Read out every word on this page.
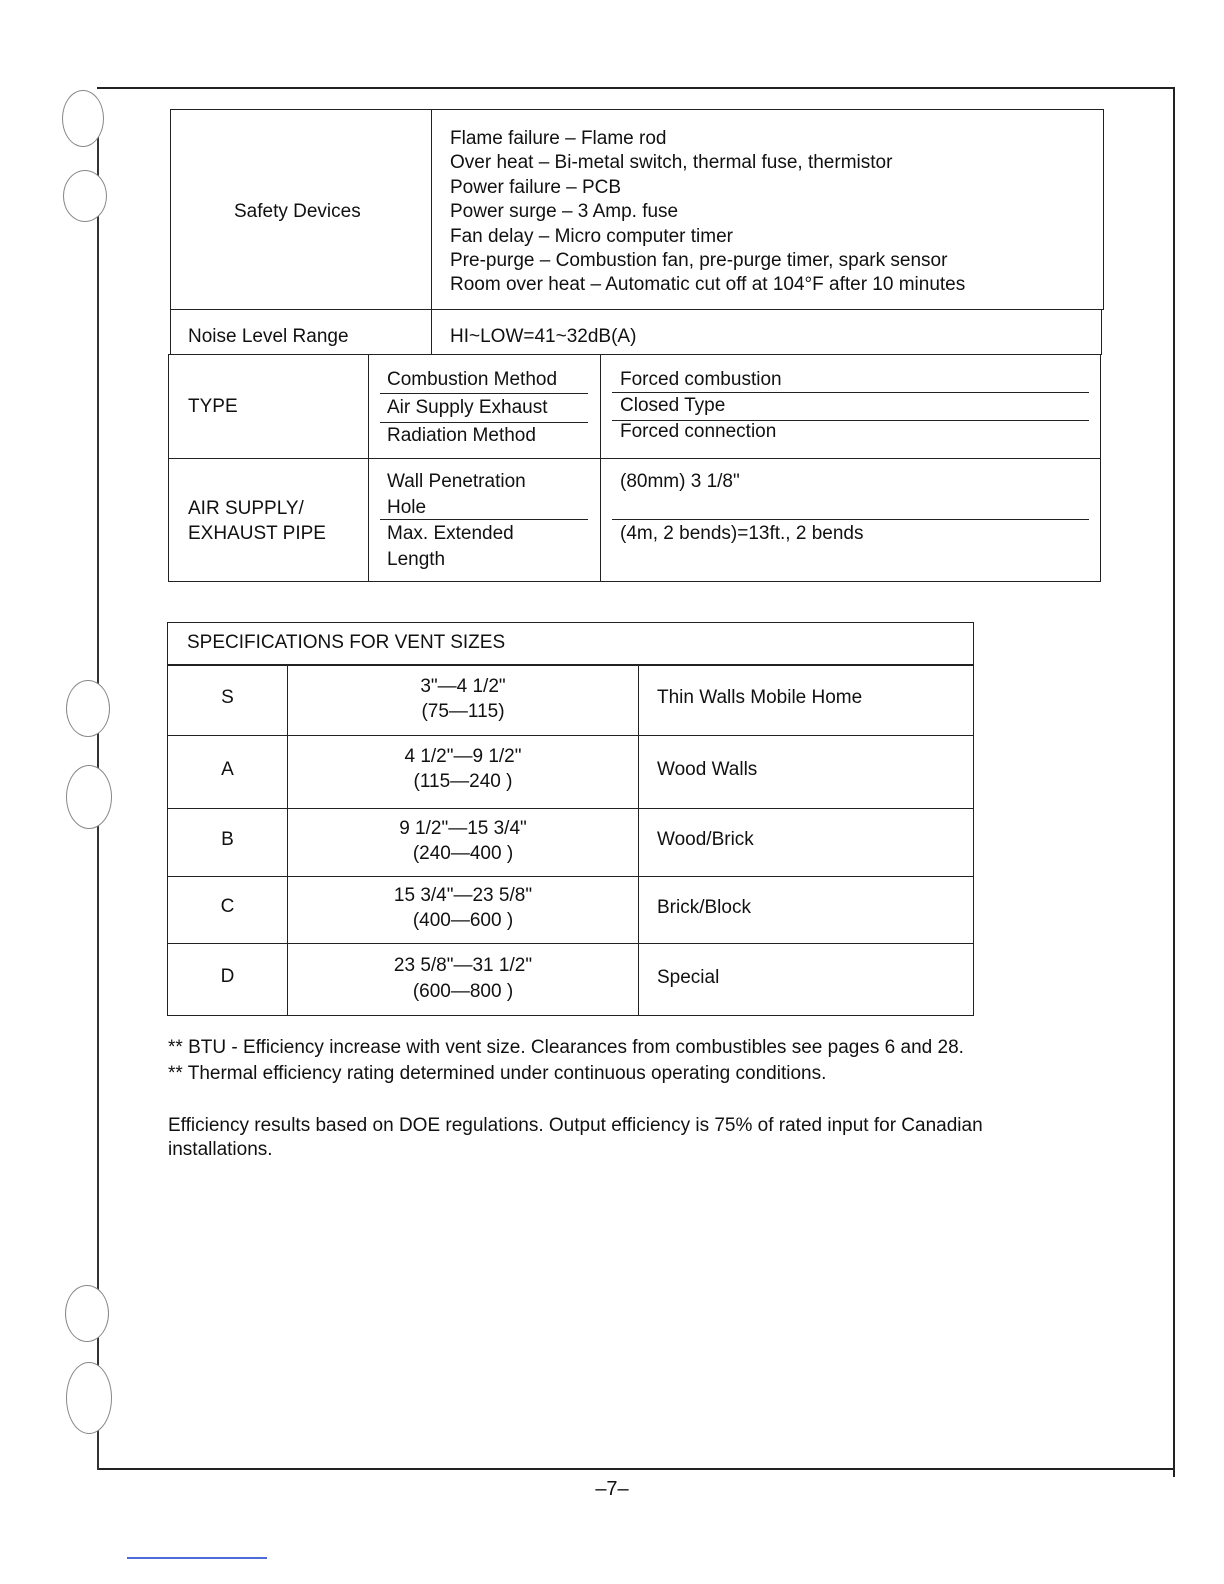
Safety Devices
Flame failure – Flame rod
Over heat – Bi-metal switch, thermal fuse, thermistor
Power failure – PCB
Power surge – 3 Amp. fuse
Fan delay – Micro computer timer
Pre-purge – Combustion fan, pre-purge timer, spark sensor
Room over heat – Automatic cut off at 104°F after 10 minutes
Noise Level Range	HI~LOW=41~32dB(A)
TYPE
Combustion Method
Air Supply Exhaust
Radiation Method
Forced combustion
Closed Type
Forced connection
AIR SUPPLY/
EXHAUST PIPE
Wall Penetration
Hole
Max. Extended
Length
(80mm) 3 1/8"
(4m, 2 bends)=13ft., 2 bends
SPECIFICATIONS FOR VENT SIZES
S
3"—4 1/2"
(75—115)
Thin Walls Mobile Home
A
4 1/2"—9 1/2"
(115—240 )
Wood Walls
B
9 1/2"—15 3/4"
(240—400 )
Wood/Brick
C
15 3/4"—23 5/8"
(400—600 )
Brick/Block
D
23 5/8"—31 1/2"
(600—800 )
Special
** BTU - Efficiency increase with vent size. Clearances from combustibles see pages 6 and 28.
** Thermal efficiency rating determined under continuous operating conditions.
Efficiency results based on DOE regulations. Output efficiency is 75% of rated input for Canadian
installations.
–7–
